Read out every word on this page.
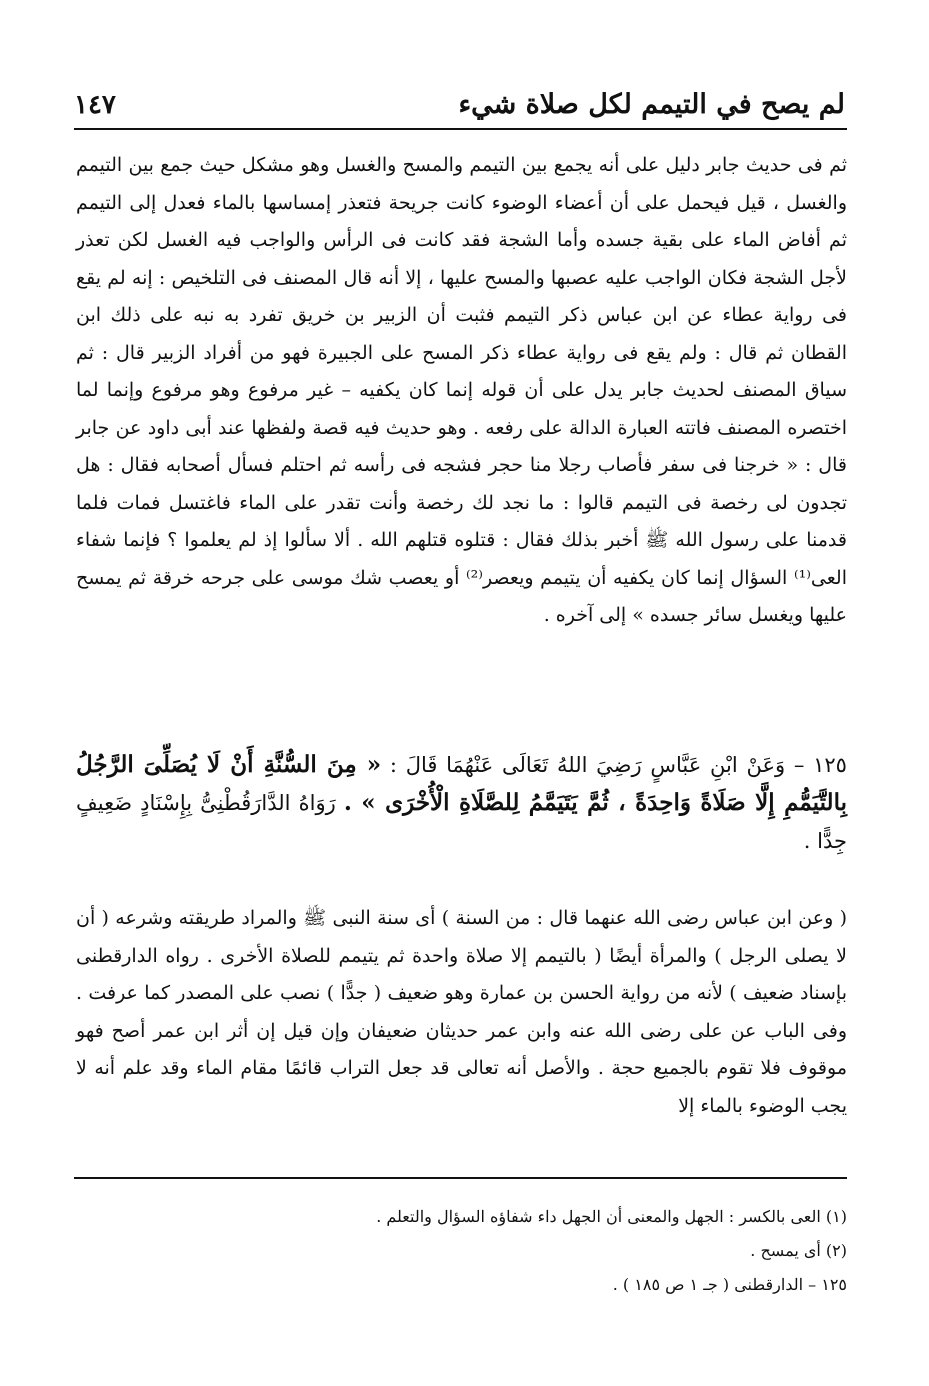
لم يصح في التيمم لكل صلاة شيء
١٤٧

ثم فى حديث جابر دليل على أنه يجمع بين التيمم والمسح والغسل وهو مشكل حيث جمع بين التيمم والغسل ، قيل فيحمل على أن أعضاء الوضوء كانت جريحة فتعذر إمساسها بالماء فعدل إلى التيمم ثم أفاض الماء على بقية جسده وأما الشجة فقد كانت فى الرأس والواجب فيه الغسل لكن تعذر لأجل الشجة فكان الواجب عليه عصبها والمسح عليها ، إلا أنه قال المصنف فى التلخيص : إنه لم يقع فى رواية عطاء عن ابن عباس ذكر التيمم فثبت أن الزبير بن خريق تفرد به نبه على ذلك ابن القطان ثم قال : ولم يقع فى رواية عطاء ذكر المسح على الجبيرة فهو من أفراد الزبير قال : ثم سياق المصنف لحديث جابر يدل على أن قوله إنما كان يكفيه – غير مرفوع وهو مرفوع وإنما لما اختصره المصنف فاتته العبارة الدالة على رفعه . وهو حديث فيه قصة ولفظها عند أبى داود عن جابر قال : « خرجنا فى سفر فأصاب رجلا منا حجر فشجه فى رأسه ثم احتلم فسأل أصحابه فقال : هل تجدون لى رخصة فى التيمم قالوا : ما نجد لك رخصة وأنت تقدر على الماء فاغتسل فمات فلما قدمنا على رسول الله ﷺ أخبر بذلك فقال : قتلوه قتلهم الله . ألا سألوا إذ لم يعلموا ؟ فإنما شفاء العى⁽¹⁾ السؤال إنما كان يكفيه أن يتيمم ويعصر⁽²⁾ أو يعصب شك موسى على جرحه خرقة ثم يمسح عليها ويغسل سائر جسده » إلى آخره .

١٢٥ – وَعَنْ ابْنِ عَبَّاسٍ رَضِيَ اللهُ تَعَالَى عَنْهُمَا قَالَ : « مِنَ السُّنَّةِ أَنْ لَا يُصَلِّىَ الرَّجُلُ بِالتَّيَمُّمِ إِلَّا صَلَاةً وَاحِدَةً ، ثُمَّ يَتَيَمَّمُ لِلصَّلَاةِ الْأُخْرَى » . رَوَاهُ الدَّارَقُطْنِىُّ بِإِسْنَادٍ ضَعِيفٍ جِدًّا .

( وعن ابن عباس رضى الله عنهما قال : من السنة ) أى سنة النبى ﷺ والمراد طريقته وشرعه ( أن لا يصلى الرجل ) والمرأة أيضًا ( بالتيمم إلا صلاة واحدة ثم يتيمم للصلاة الأخرى . رواه الدارقطنى بإسناد ضعيف ) لأنه من رواية الحسن بن عمارة وهو ضعيف ( جدًّا ) نصب على المصدر كما عرفت . وفى الباب عن على رضى الله عنه وابن عمر حديثان ضعيفان وإن قيل إن أثر ابن عمر أصح فهو موقوف فلا تقوم بالجميع حجة . والأصل أنه تعالى قد جعل التراب قائمًا مقام الماء وقد علم أنه لا يجب الوضوء بالماء إلا

(١) العى بالكسر : الجهل والمعنى أن الجهل داء شفاؤه السؤال والتعلم .
(٢) أى يمسح .
١٢٥ – الدارقطنى ( جـ ١ ص ١٨٥ ) .
